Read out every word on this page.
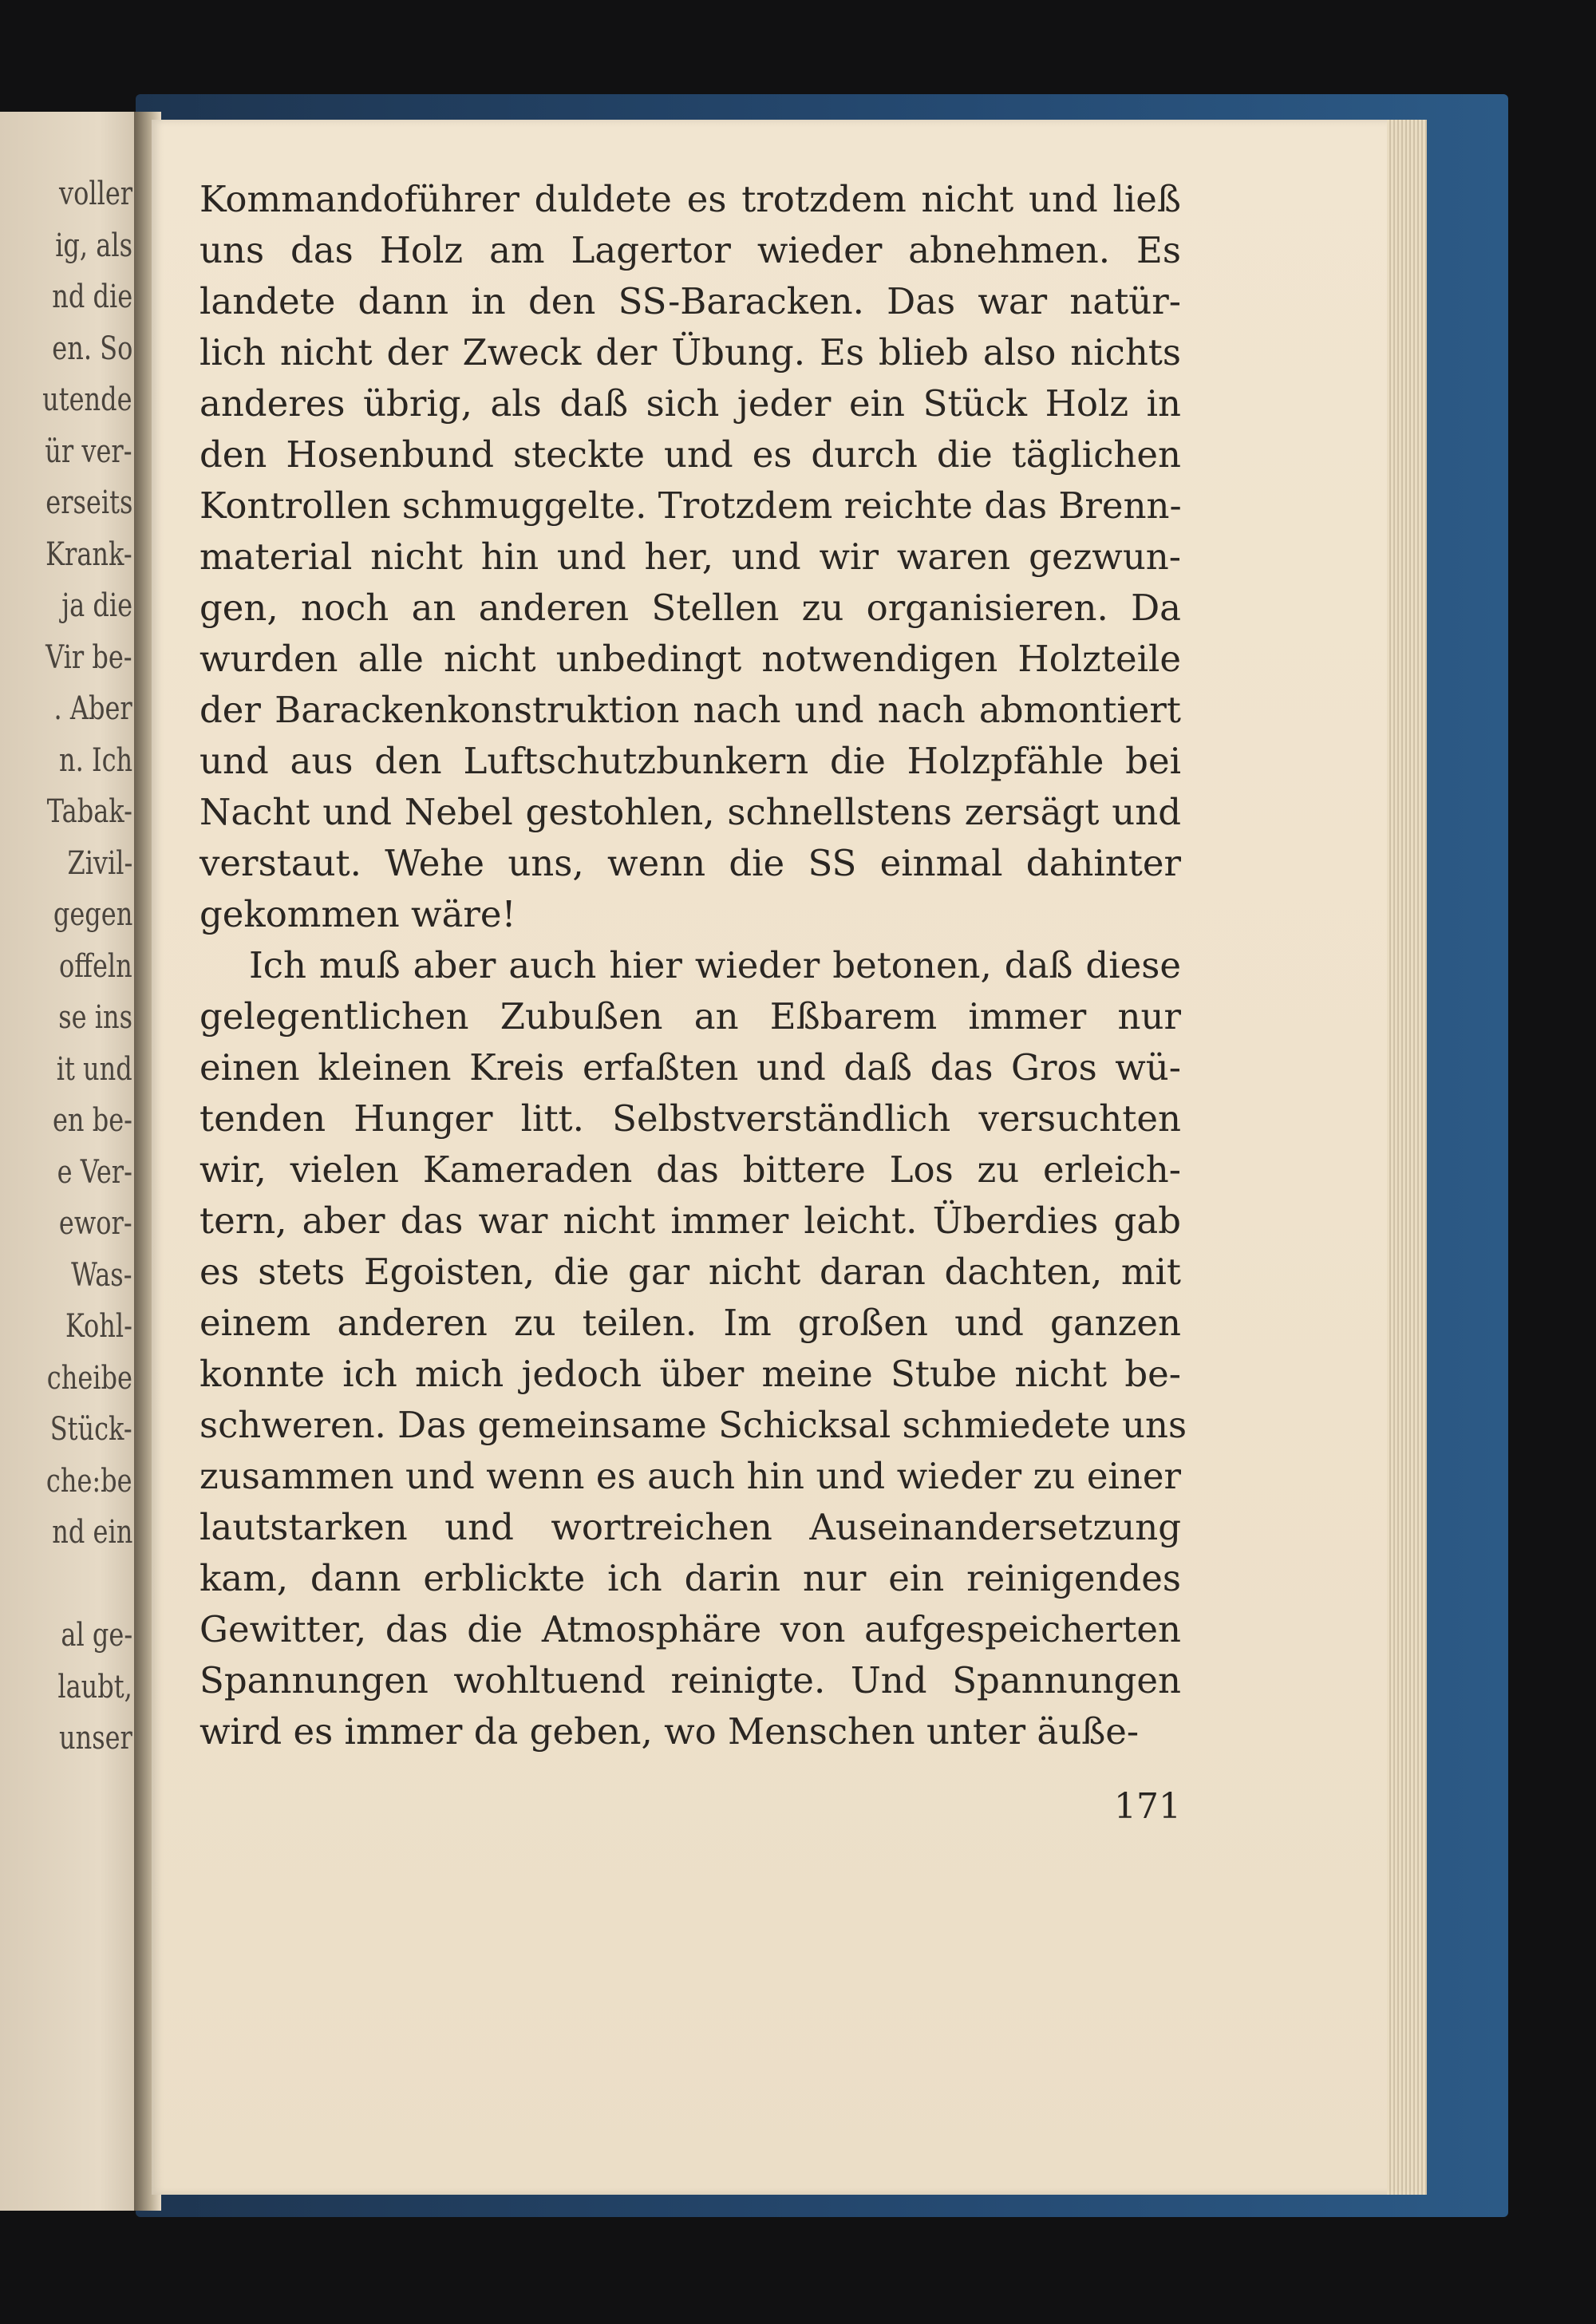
voller
ig, als
nd die
en. So
utende
ür ver-
erseits
Krank-
ja die
Vir be-
. Aber
n. Ich
Tabak-
Zivil-
gegen
offeln
se ins
it und
en be-
e Ver-
ewor-
Was-
Kohl-
cheibe
Stück-
che:be
nd ein
al ge-
laubt,
unser
Kommandoführer duldete es trotzdem nicht und ließ
uns das Holz am Lagertor wieder abnehmen. Es
landete dann in den SS-Baracken. Das war natür-
lich nicht der Zweck der Übung. Es blieb also nichts
anderes übrig, als daß sich jeder ein Stück Holz in
den Hosenbund steckte und es durch die täglichen
Kontrollen schmuggelte. Trotzdem reichte das Brenn-
material nicht hin und her, und wir waren gezwun-
gen, noch an anderen Stellen zu organisieren. Da
wurden alle nicht unbedingt notwendigen Holzteile
der Barackenkonstruktion nach und nach abmontiert
und aus den Luftschutzbunkern die Holzpfähle bei
Nacht und Nebel gestohlen, schnellstens zersägt und
verstaut. Wehe uns, wenn die SS einmal dahinter
gekommen wäre!
Ich muß aber auch hier wieder betonen, daß diese
gelegentlichen Zubußen an Eßbarem immer nur
einen kleinen Kreis erfaßten und daß das Gros wü-
tenden Hunger litt. Selbstverständlich versuchten
wir, vielen Kameraden das bittere Los zu erleich-
tern, aber das war nicht immer leicht. Überdies gab
es stets Egoisten, die gar nicht daran dachten, mit
einem anderen zu teilen. Im großen und ganzen
konnte ich mich jedoch über meine Stube nicht be-
schweren. Das gemeinsame Schicksal schmiedete uns
zusammen und wenn es auch hin und wieder zu einer
lautstarken und wortreichen Auseinandersetzung
kam, dann erblickte ich darin nur ein reinigendes
Gewitter, das die Atmosphäre von aufgespeicherten
Spannungen wohltuend reinigte. Und Spannungen
wird es immer da geben, wo Menschen unter äuße-
171
